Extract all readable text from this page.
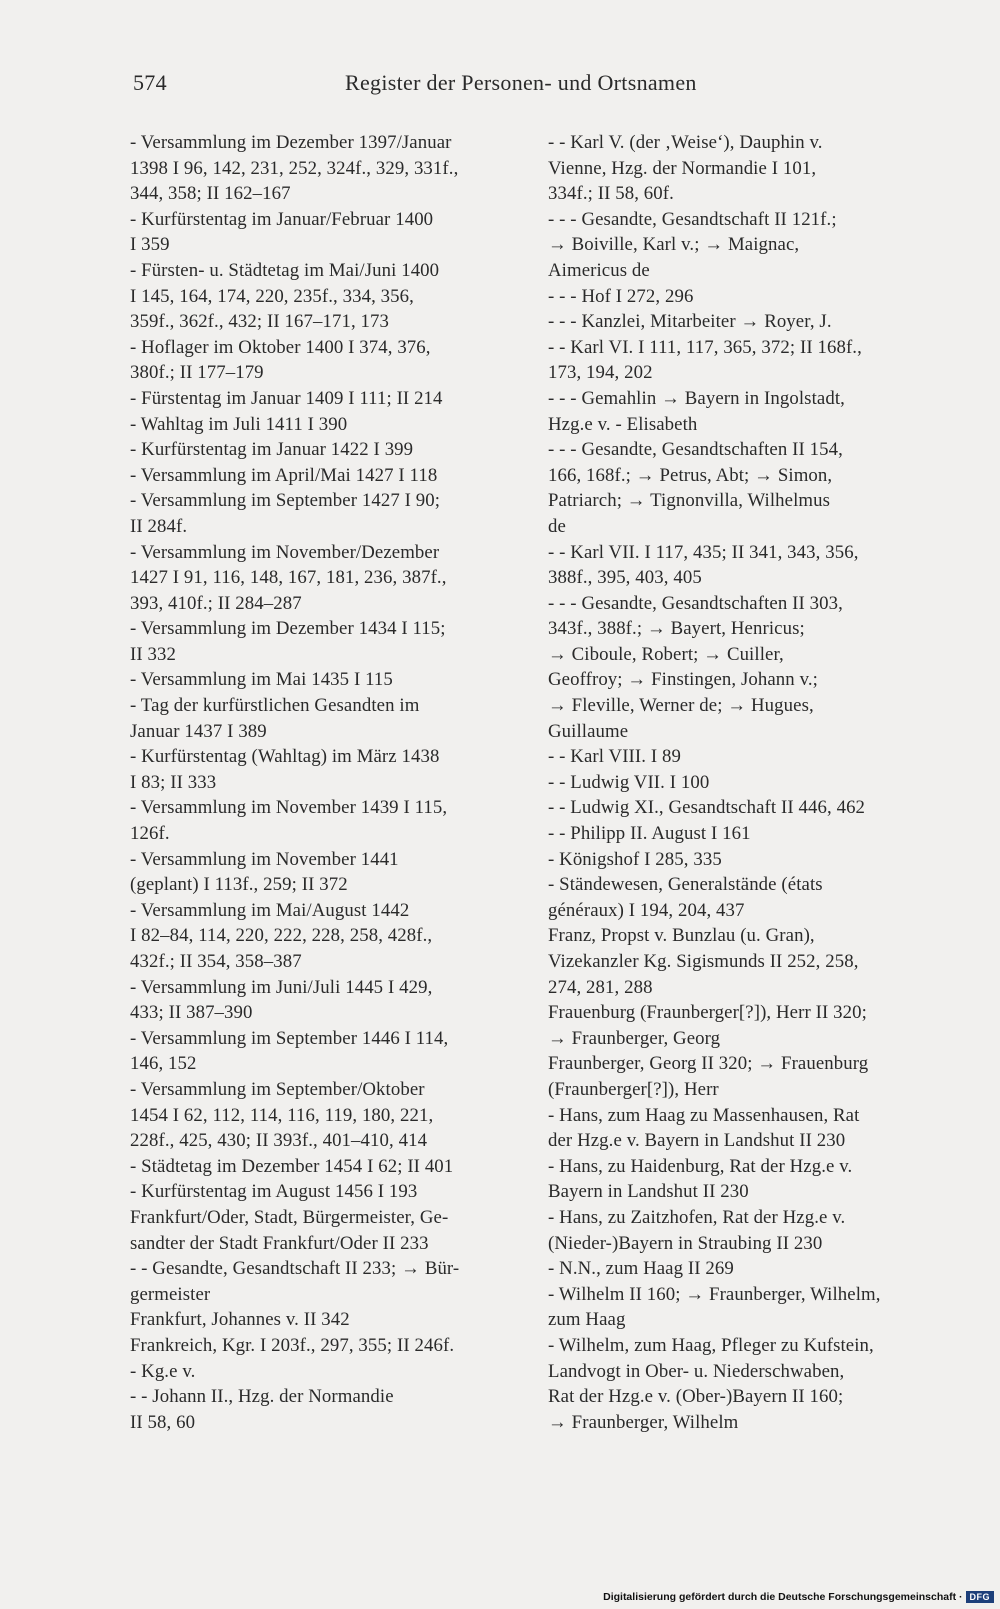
574	Register der Personen- und Ortsnamen
- Versammlung im Dezember 1397/Januar
1398 I 96, 142, 231, 252, 324f., 329, 331f.,
344, 358; II 162–167
- Kurfürstentag im Januar/Februar 1400
I 359
- Fürsten- u. Städtetag im Mai/Juni 1400
I 145, 164, 174, 220, 235f., 334, 356,
359f., 362f., 432; II 167–171, 173
- Hoflager im Oktober 1400 I 374, 376,
380f.; II 177–179
- Fürstentag im Januar 1409 I 111; II 214
- Wahltag im Juli 1411 I 390
- Kurfürstentag im Januar 1422 I 399
- Versammlung im April/Mai 1427 I 118
- Versammlung im September 1427 I 90;
II 284f.
- Versammlung im November/Dezember
1427 I 91, 116, 148, 167, 181, 236, 387f.,
393, 410f.; II 284–287
- Versammlung im Dezember 1434 I 115;
II 332
- Versammlung im Mai 1435 I 115
- Tag der kurfürstlichen Gesandten im
Januar 1437 I 389
- Kurfürstentag (Wahltag) im März 1438
I 83; II 333
- Versammlung im November 1439 I 115,
126f.
- Versammlung im November 1441
(geplant) I 113f., 259; II 372
- Versammlung im Mai/August 1442
I 82–84, 114, 220, 222, 228, 258, 428f.,
432f.; II 354, 358–387
- Versammlung im Juni/Juli 1445 I 429,
433; II 387–390
- Versammlung im September 1446 I 114,
146, 152
- Versammlung im September/Oktober
1454 I 62, 112, 114, 116, 119, 180, 221,
228f., 425, 430; II 393f., 401–410, 414
- Städtetag im Dezember 1454 I 62; II 401
- Kurfürstentag im August 1456 I 193
Frankfurt/Oder, Stadt, Bürgermeister, Ge-
sandter der Stadt Frankfurt/Oder II 233
- - Gesandte, Gesandtschaft II 233; → Bür-
germeister
Frankfurt, Johannes v. II 342
Frankreich, Kgr. I 203f., 297, 355; II 246f.
- Kg.e v.
- - Johann II., Hzg. der Normandie
II 58, 60
- - Karl V. (der ‚Weise‘), Dauphin v.
Vienne, Hzg. der Normandie I 101,
334f.; II 58, 60f.
- - - Gesandte, Gesandtschaft II 121f.;
→ Boiville, Karl v.; → Maignac,
Aimericus de
- - - Hof I 272, 296
- - - Kanzlei, Mitarbeiter → Royer, J.
- - Karl VI. I 111, 117, 365, 372; II 168f.,
173, 194, 202
- - - Gemahlin → Bayern in Ingolstadt,
Hzg.e v. - Elisabeth
- - - Gesandte, Gesandtschaften II 154,
166, 168f.; → Petrus, Abt; → Simon,
Patriarch; → Tignonvilla, Wilhelmus
de
- - Karl VII. I 117, 435; II 341, 343, 356,
388f., 395, 403, 405
- - - Gesandte, Gesandtschaften II 303,
343f., 388f.; → Bayert, Henricus;
→ Ciboule, Robert; → Cuiller,
Geoffroy; → Finstingen, Johann v.;
→ Fleville, Werner de; → Hugues,
Guillaume
- - Karl VIII. I 89
- - Ludwig VII. I 100
- - Ludwig XI., Gesandtschaft II 446, 462
- - Philipp II. August I 161
- Königshof I 285, 335
- Ständewesen, Generalstände (états
généraux) I 194, 204, 437
Franz, Propst v. Bunzlau (u. Gran),
Vizekanzler Kg. Sigismunds II 252, 258,
274, 281, 288
Frauenburg (Fraunberger[?]), Herr II 320;
→ Fraunberger, Georg
Fraunberger, Georg II 320; → Frauenburg
(Fraunberger[?]), Herr
- Hans, zum Haag zu Massenhausen, Rat
der Hzg.e v. Bayern in Landshut II 230
- Hans, zu Haidenburg, Rat der Hzg.e v.
Bayern in Landshut II 230
- Hans, zu Zaitzhofen, Rat der Hzg.e v.
(Nieder-)Bayern in Straubing II 230
- N.N., zum Haag II 269
- Wilhelm II 160; → Fraunberger, Wilhelm,
zum Haag
- Wilhelm, zum Haag, Pfleger zu Kufstein,
Landvogt in Ober- u. Niederschwaben,
Rat der Hzg.e v. (Ober-)Bayern II 160;
→ Fraunberger, Wilhelm
Digitalisierung gefördert durch die Deutsche Forschungsgemeinschaft · DFG
